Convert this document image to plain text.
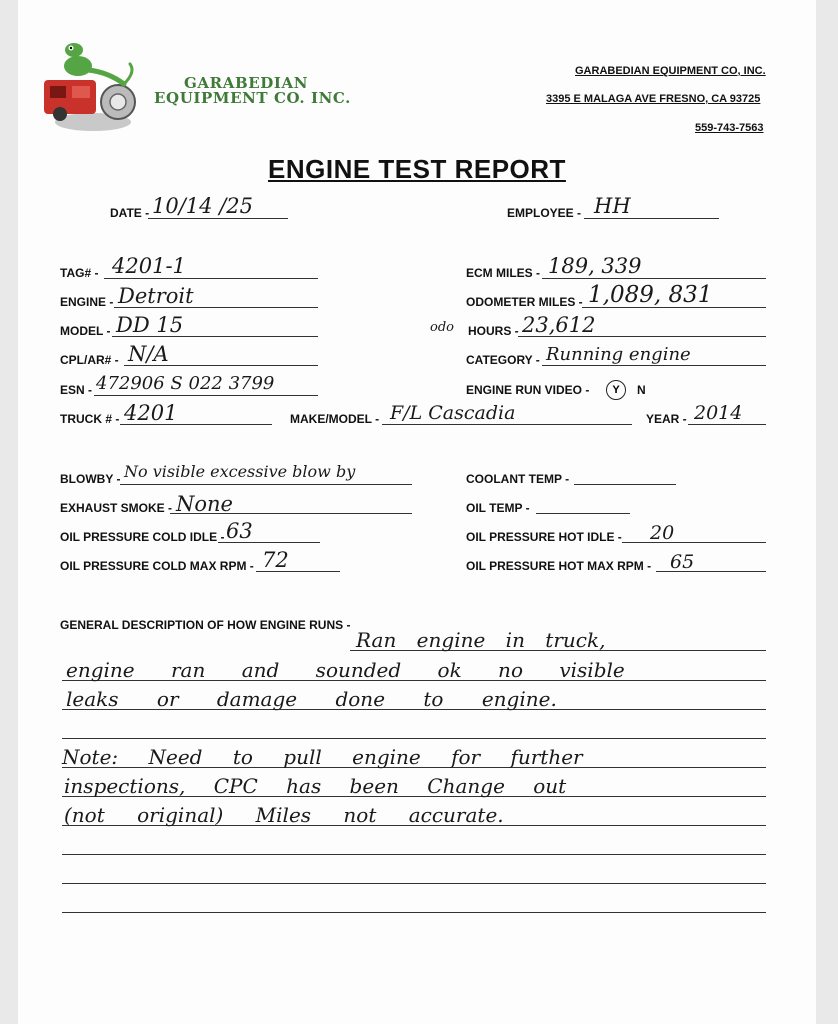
GARABEDIAN
EQUIPMENT CO. INC.
GARABEDIAN EQUIPMENT CO, INC.
3395 E MALAGA AVE FRESNO, CA 93725
559-743-7563
ENGINE TEST REPORT
DATE - 10/14 /25	EMPLOYEE - HH
TAG# - 4201-1
ENGINE - Detroit
MODEL - DD 15
CPL/AR# - N/A
ESN - 472906 S 022 3799
TRUCK # - 4201	MAKE/MODEL - F/L Cascadia	YEAR - 2014
ECM MILES - 189, 339
ODOMETER MILES - 1,089, 831
odo HOURS - 23,612
CATEGORY - Running engine
ENGINE RUN VIDEO -	Y	N
BLOWBY - No visible excessive blow by
EXHAUST SMOKE - None
OIL PRESSURE COLD IDLE - 63
OIL PRESSURE COLD MAX RPM - 72
COOLANT TEMP -
OIL TEMP -
OIL PRESSURE HOT IDLE - 20
OIL PRESSURE HOT MAX RPM - 65
GENERAL DESCRIPTION OF HOW ENGINE RUNS -
Ran engine in truck,
engine ran and sounded ok no visible
leaks or damage done to engine.
Note: Need to pull engine for further
inspections, CPC has been Change out
(not original) Miles not accurate.
